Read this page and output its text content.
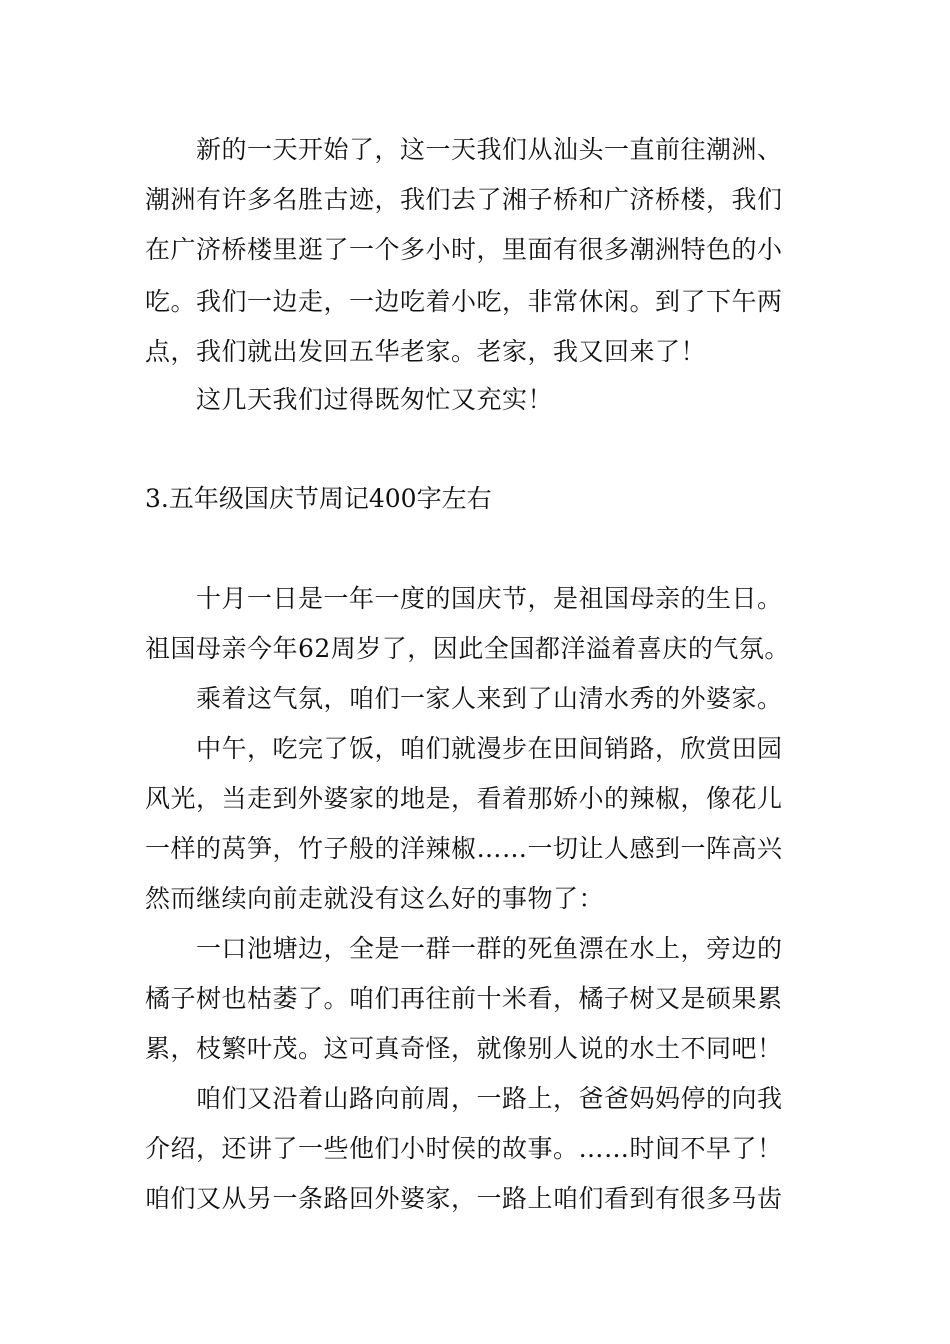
新的一天开始了，这一天我们从汕头一直前往潮洲、
潮洲有许多名胜古迹，我们去了湘子桥和广济桥楼，我们
在广济桥楼里逛了一个多小时，里面有很多潮洲特色的小
吃。我们一边走，一边吃着小吃，非常休闲。到了下午两
点，我们就出发回五华老家。老家，我又回来了！
这几天我们过得既匆忙又充实！
3.五年级国庆节周记400字左右
十月一日是一年一度的国庆节，是祖国母亲的生日。
祖国母亲今年62周岁了，因此全国都洋溢着喜庆的气氛。
乘着这气氛，咱们一家人来到了山清水秀的外婆家。
中午，吃完了饭，咱们就漫步在田间销路，欣赏田园
风光，当走到外婆家的地是，看着那娇小的辣椒，像花儿
一样的莴笋，竹子般的洋辣椒……一切让人感到一阵高兴
然而继续向前走就没有这么好的事物了：
一口池塘边，全是一群一群的死鱼漂在水上，旁边的
橘子树也枯萎了。咱们再往前十米看，橘子树又是硕果累
累，枝繁叶茂。这可真奇怪，就像别人说的水土不同吧！
咱们又沿着山路向前周，一路上，爸爸妈妈停的向我
介绍，还讲了一些他们小时侯的故事。……时间不早了！
咱们又从另一条路回外婆家，一路上咱们看到有很多马齿
